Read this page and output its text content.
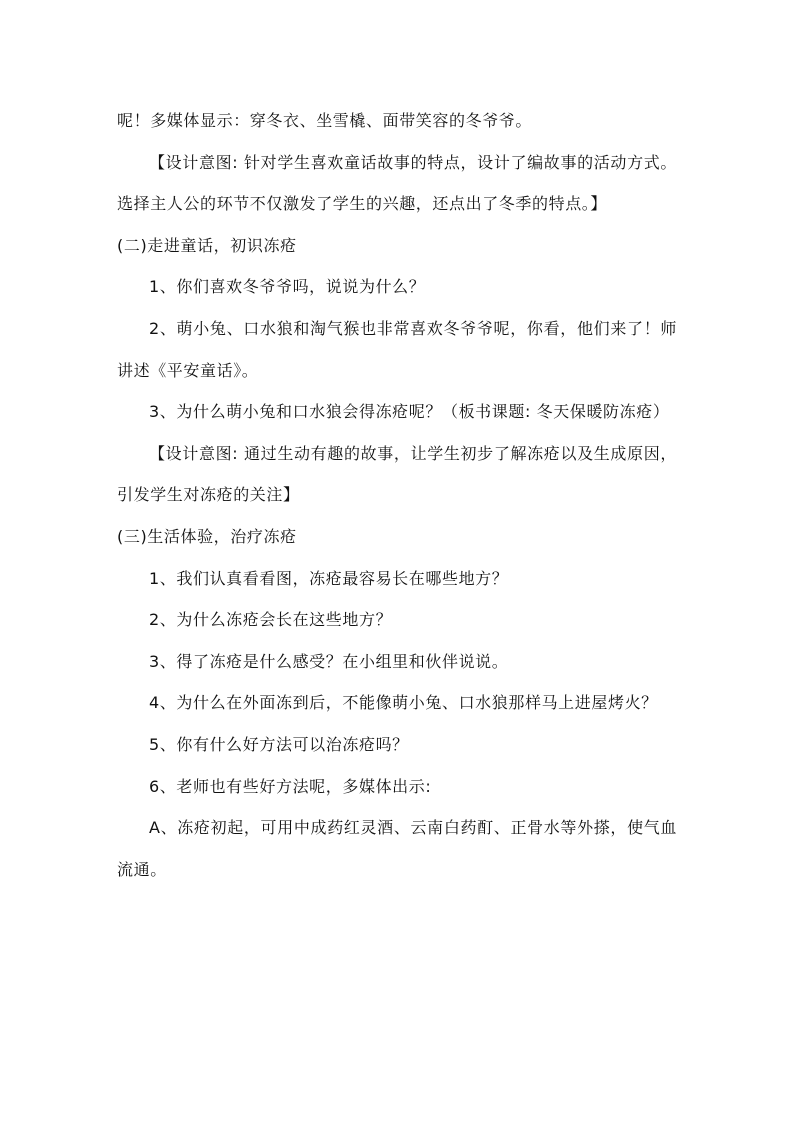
呢！多媒体显示：穿冬衣、坐雪橇、面带笑容的冬爷爷。

【设计意图: 针对学生喜欢童话故事的特点，设计了编故事的活动方式。选择主人公的环节不仅激发了学生的兴趣，还点出了冬季的特点。】

(二)走进童话，初识冻疮

1、你们喜欢冬爷爷吗，说说为什么？

2、萌小兔、口水狼和淘气猴也非常喜欢冬爷爷呢，你看，他们来了！师讲述《平安童话》。

3、为什么萌小兔和口水狼会得冻疮呢？（板书课题: 冬天保暖防冻疮）

【设计意图: 通过生动有趣的故事，让学生初步了解冻疮以及生成原因，引发学生对冻疮的关注】

(三)生活体验，治疗冻疮

1、我们认真看看图，冻疮最容易长在哪些地方？

2、为什么冻疮会长在这些地方？

3、得了冻疮是什么感受？在小组里和伙伴说说。

4、为什么在外面冻到后，不能像萌小兔、口水狼那样马上进屋烤火？

5、你有什么好方法可以治冻疮吗？

6、老师也有些好方法呢，多媒体出示:

A、冻疮初起，可用中成药红灵酒、云南白药酊、正骨水等外搽，使气血流通。
